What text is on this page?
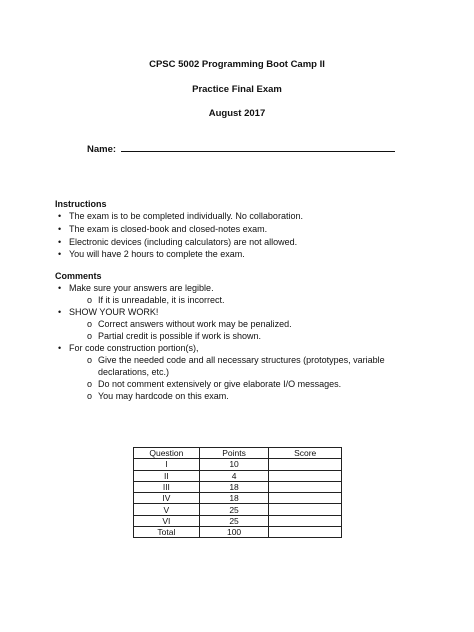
CPSC 5002 Programming Boot Camp II
Practice Final Exam
August 2017
Name:
Instructions
• The exam is to be completed individually. No collaboration.
• The exam is closed-book and closed-notes exam.
• Electronic devices (including calculators) are not allowed.
• You will have 2 hours to complete the exam.
Comments
• Make sure your answers are legible.
o If it is unreadable, it is incorrect.
• SHOW YOUR WORK!
o Correct answers without work may be penalized.
o Partial credit is possible if work is shown.
• For code construction portion(s),
o Give the needed code and all necessary structures (prototypes, variable
declarations, etc.)
o Do not comment extensively or give elaborate I/O messages.
o You may hardcode on this exam.
Question	Points	Score
I	10	
II	4	
III	18	
IV	18	
V	25	
VI	25	
Total	100	
